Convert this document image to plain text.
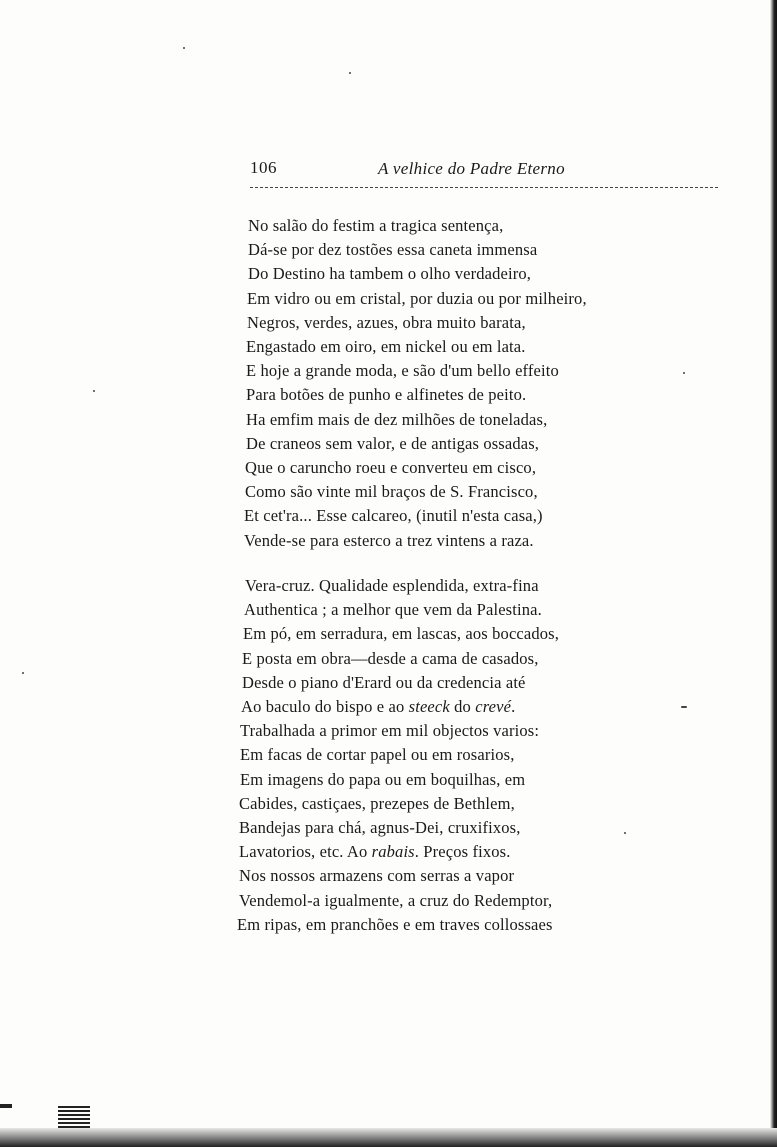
106	A velhice do Padre Eterno
No salão do festim a tragica sentença,
Dá-se por dez tostões essa caneta immensa
Do Destino ha tambem o olho verdadeiro,
Em vidro ou em cristal, por duzia ou por milheiro,
Negros, verdes, azues, obra muito barata,
Engastado em oiro, em nickel ou em lata.
E hoje a grande moda, e são d'um bello effeito
Para botões de punho e alfinetes de peito.
Ha emfim mais de dez milhões de toneladas,
De craneos sem valor, e de antigas ossadas,
Que o caruncho roeu e converteu em cisco,
Como são vinte mil braços de S. Francisco,
Et cet'ra... Esse calcareo, (inutil n'esta casa,)
Vende-se para esterco a trez vintens a raza.
Vera-cruz. Qualidade esplendida, extra-fina
Authentica ; a melhor que vem da Palestina.
Em pó, em serradura, em lascas, aos boccados,
E posta em obra—desde a cama de casados,
Desde o piano d'Erard ou da credencia até
Ao baculo do bispo e ao steeck do crevé.
Trabalhada a primor em mil objectos varios:
Em facas de cortar papel ou em rosarios,
Em imagens do papa ou em boquilhas, em
Cabides, castiçaes, prezepes de Bethlem,
Bandejas para chá, agnus-Dei, cruxifixos,
Lavatorios, etc. Ao rabais. Preços fixos.
Nos nossos armazens com serras a vapor
Vendemol-a igualmente, a cruz do Redemptor,
Em ripas, em pranchões e em traves collossaes
